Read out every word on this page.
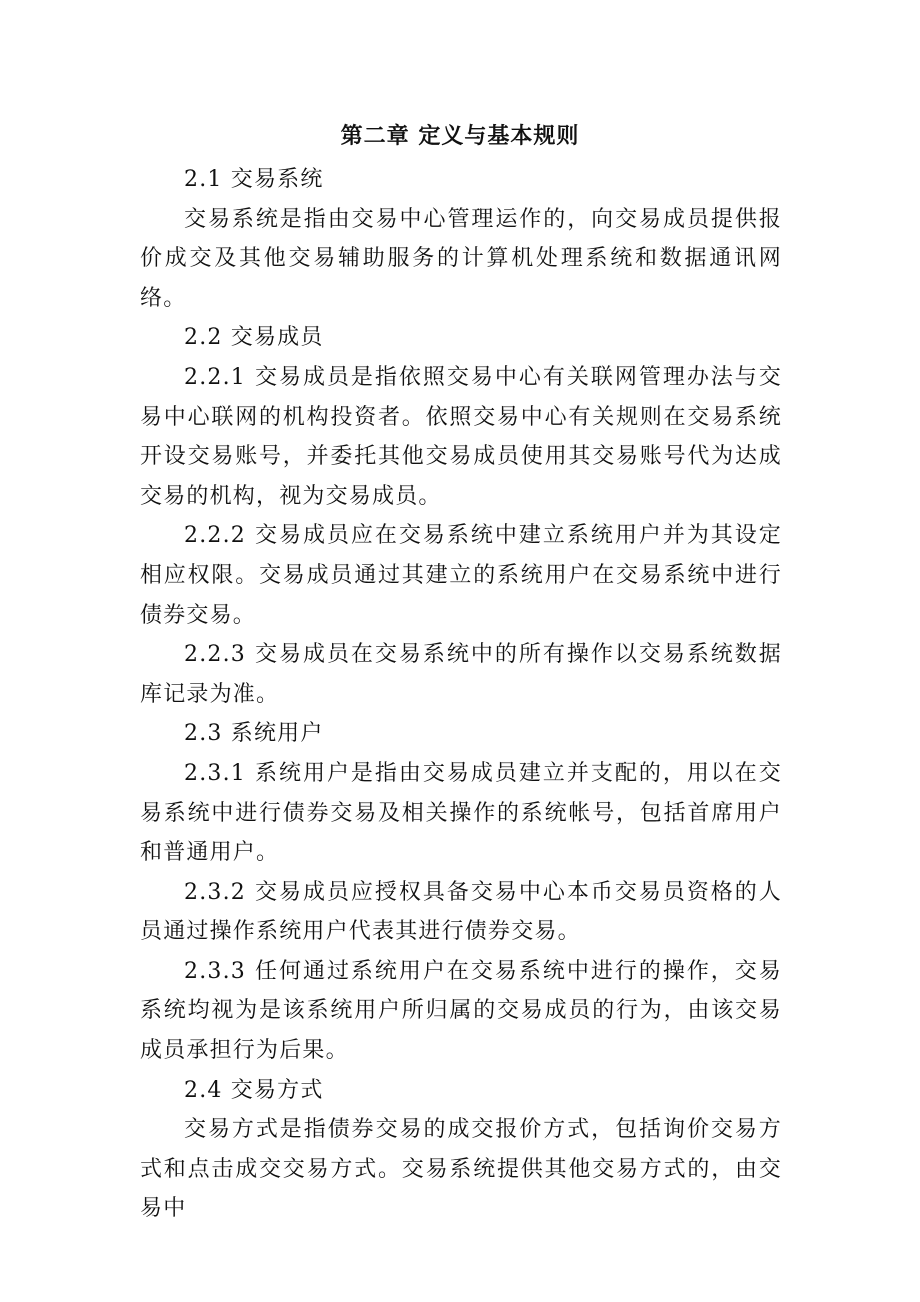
第二章 定义与基本规则

2.1 交易系统

交易系统是指由交易中心管理运作的，向交易成员提供报价成交及其他交易辅助服务的计算机处理系统和数据通讯网络。

2.2 交易成员

2.2.1 交易成员是指依照交易中心有关联网管理办法与交易中心联网的机构投资者。依照交易中心有关规则在交易系统开设交易账号，并委托其他交易成员使用其交易账号代为达成交易的机构，视为交易成员。

2.2.2 交易成员应在交易系统中建立系统用户并为其设定相应权限。交易成员通过其建立的系统用户在交易系统中进行债券交易。

2.2.3 交易成员在交易系统中的所有操作以交易系统数据库记录为准。

2.3 系统用户

2.3.1 系统用户是指由交易成员建立并支配的，用以在交易系统中进行债券交易及相关操作的系统帐号，包括首席用户和普通用户。

2.3.2 交易成员应授权具备交易中心本币交易员资格的人员通过操作系统用户代表其进行债券交易。

2.3.3 任何通过系统用户在交易系统中进行的操作，交易系统均视为是该系统用户所归属的交易成员的行为，由该交易成员承担行为后果。

2.4 交易方式

交易方式是指债券交易的成交报价方式，包括询价交易方式和点击成交交易方式。交易系统提供其他交易方式的，由交易中
